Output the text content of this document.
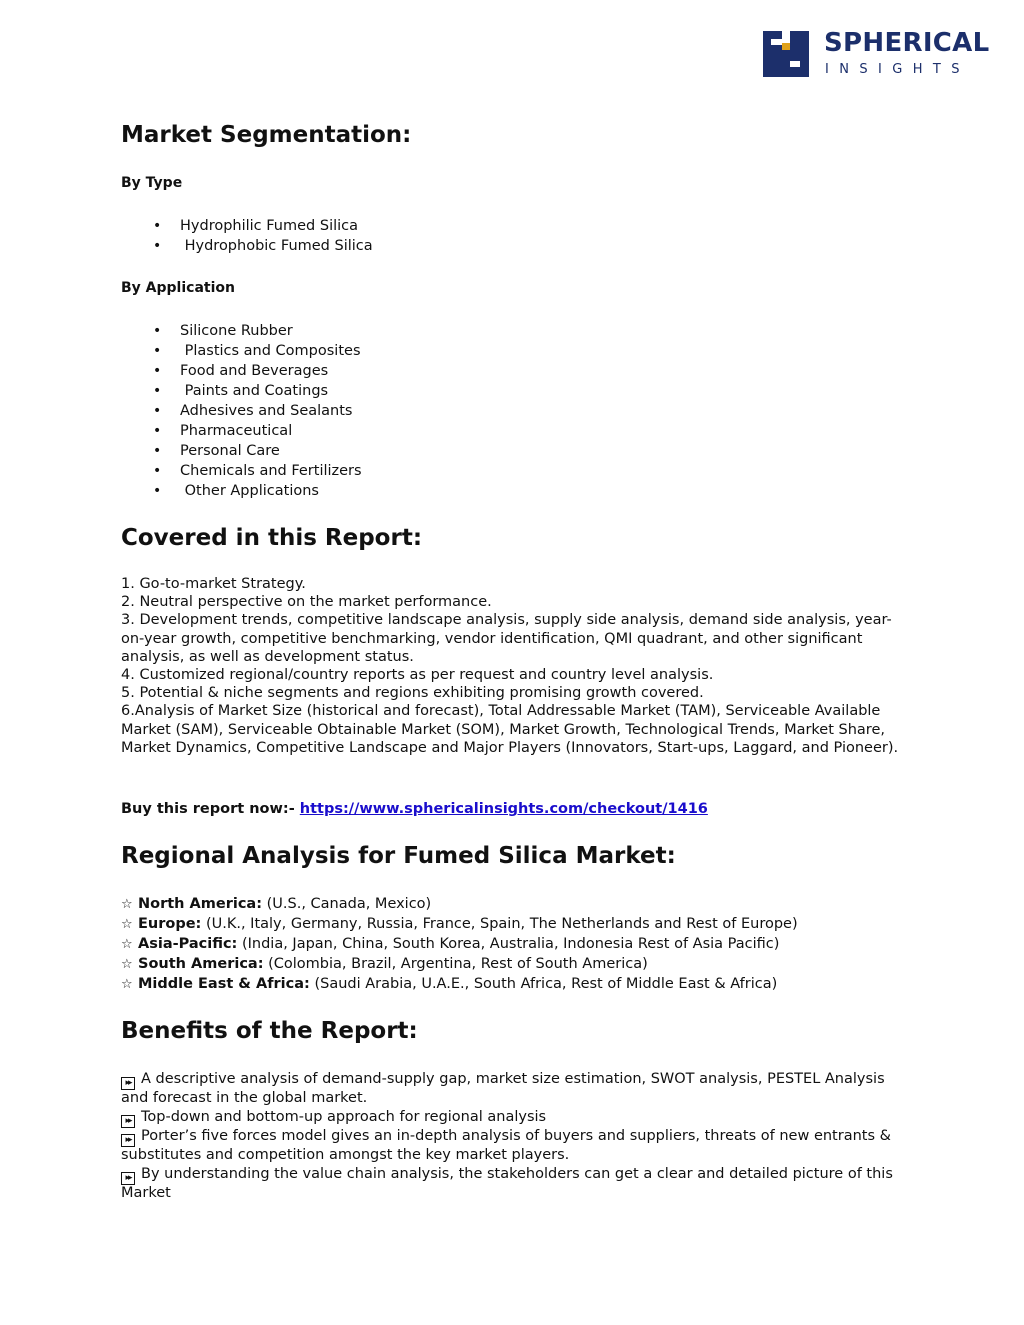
SPHERICAL
INSIGHTS
Market Segmentation:
By Type
• Hydrophilic Fumed Silica
• Hydrophobic Fumed Silica
By Application
• Silicone Rubber
• Plastics and Composites
• Food and Beverages
• Paints and Coatings
• Adhesives and Sealants
• Pharmaceutical
• Personal Care
• Chemicals and Fertilizers
• Other Applications
Covered in this Report:
1. Go-to-market Strategy.
2. Neutral perspective on the market performance.
3. Development trends, competitive landscape analysis, supply side analysis, demand side analysis, year-on-year growth, competitive benchmarking, vendor identification, QMI quadrant, and other significant analysis, as well as development status.
4. Customized regional/country reports as per request and country level analysis.
5. Potential & niche segments and regions exhibiting promising growth covered.
6.Analysis of Market Size (historical and forecast), Total Addressable Market (TAM), Serviceable Available Market (SAM), Serviceable Obtainable Market (SOM), Market Growth, Technological Trends, Market Share, Market Dynamics, Competitive Landscape and Major Players (Innovators, Start-ups, Laggard, and Pioneer).
Buy this report now:- https://www.sphericalinsights.com/checkout/1416
Regional Analysis for Fumed Silica Market:
☆ North America: (U.S., Canada, Mexico)
☆ Europe: (U.K., Italy, Germany, Russia, France, Spain, The Netherlands and Rest of Europe)
☆ Asia-Pacific: (India, Japan, China, South Korea, Australia, Indonesia Rest of Asia Pacific)
☆ South America: (Colombia, Brazil, Argentina, Rest of South America)
☆ Middle East & Africa: (Saudi Arabia, U.A.E., South Africa, Rest of Middle East & Africa)
Benefits of the Report:
▸▸ A descriptive analysis of demand-supply gap, market size estimation, SWOT analysis, PESTEL Analysis and forecast in the global market.
▸▸ Top-down and bottom-up approach for regional analysis
▸▸ Porter’s five forces model gives an in-depth analysis of buyers and suppliers, threats of new entrants & substitutes and competition amongst the key market players.
▸▸ By understanding the value chain analysis, the stakeholders can get a clear and detailed picture of this Market
